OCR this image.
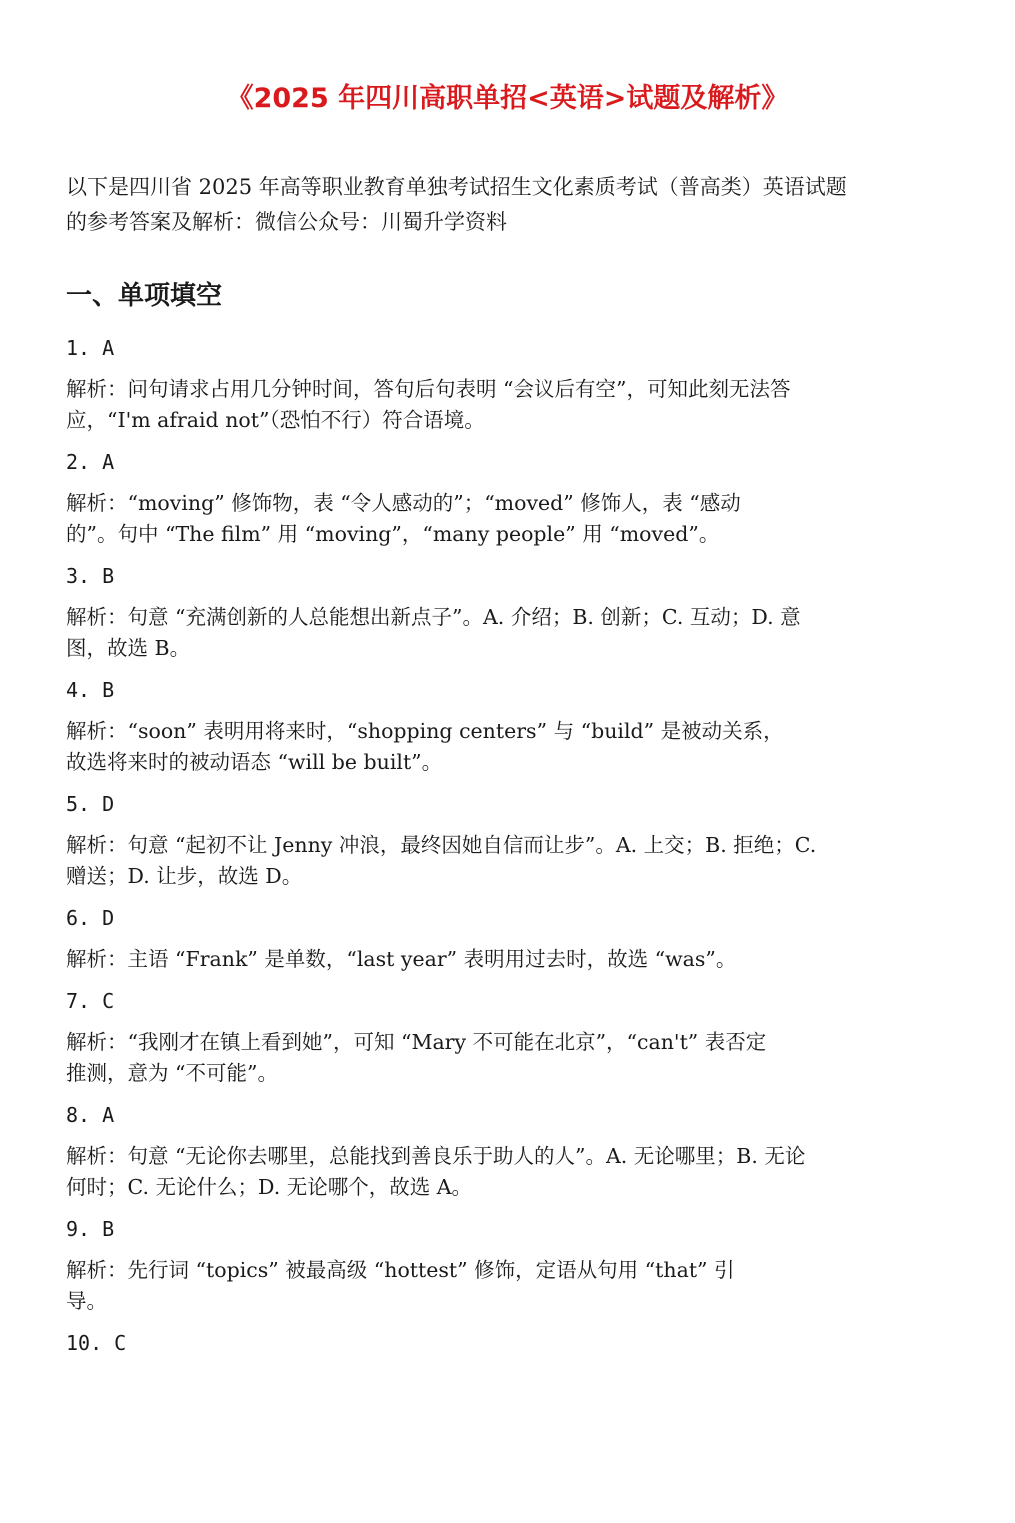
《2025 年四川高职单招<英语>试题及解析》
以下是四川省 2025 年高等职业教育单独考试招生文化素质考试（普高类）英语试题
的参考答案及解析：微信公众号：川蜀升学资料
一、单项填空
1. A
解析：问句请求占用几分钟时间，答句后句表明 “会议后有空”，可知此刻无法答
应，“I'm afraid not”（恐怕不行）符合语境。
2. A
解析：“moving” 修饰物，表 “令人感动的”；“moved” 修饰人，表 “感动
的”。句中 “The film” 用 “moving”，“many people” 用 “moved”。
3. B
解析：句意 “充满创新的人总能想出新点子”。A. 介绍；B. 创新；C. 互动；D. 意
图，故选 B。
4. B
解析：“soon” 表明用将来时，“shopping centers” 与 “build” 是被动关系，
故选将来时的被动语态 “will be built”。
5. D
解析：句意 “起初不让 Jenny 冲浪，最终因她自信而让步”。A. 上交；B. 拒绝；C.
赠送；D. 让步，故选 D。
6. D
解析：主语 “Frank” 是单数，“last year” 表明用过去时，故选 “was”。
7. C
解析：“我刚才在镇上看到她”，可知 “Mary 不可能在北京”，“can't” 表否定
推测，意为 “不可能”。
8. A
解析：句意 “无论你去哪里，总能找到善良乐于助人的人”。A. 无论哪里；B. 无论
何时；C. 无论什么；D. 无论哪个，故选 A。
9. B
解析：先行词 “topics” 被最高级 “hottest” 修饰，定语从句用 “that” 引
导。
10. C
